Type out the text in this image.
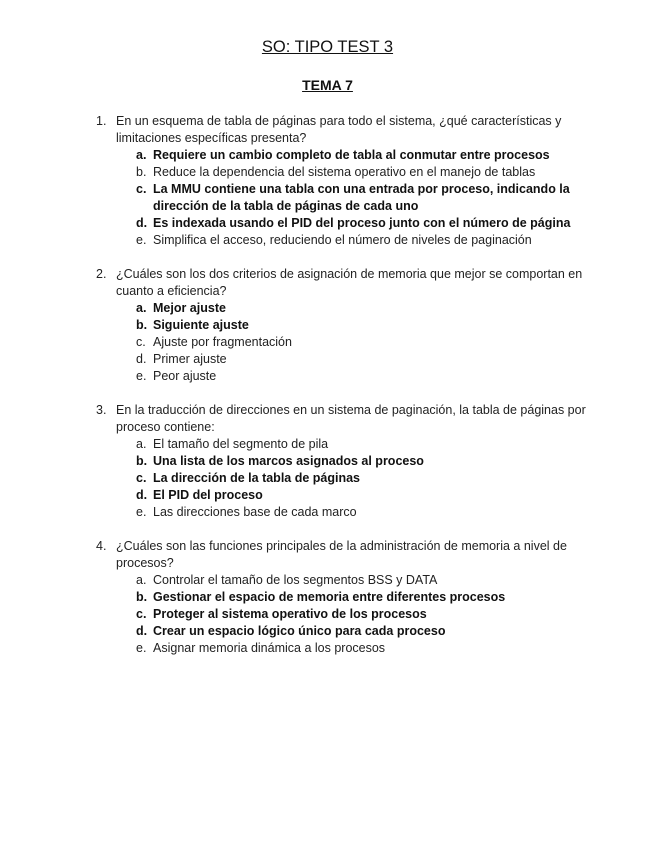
SO: TIPO TEST 3
TEMA 7
1. En un esquema de tabla de páginas para todo el sistema, ¿qué características y limitaciones específicas presenta?
a. Requiere un cambio completo de tabla al conmutar entre procesos
b. Reduce la dependencia del sistema operativo en el manejo de tablas
c. La MMU contiene una tabla con una entrada por proceso, indicando la dirección de la tabla de páginas de cada uno
d. Es indexada usando el PID del proceso junto con el número de página
e. Simplifica el acceso, reduciendo el número de niveles de paginación
2. ¿Cuáles son los dos criterios de asignación de memoria que mejor se comportan en cuanto a eficiencia?
a. Mejor ajuste
b. Siguiente ajuste
c. Ajuste por fragmentación
d. Primer ajuste
e. Peor ajuste
3. En la traducción de direcciones en un sistema de paginación, la tabla de páginas por proceso contiene:
a. El tamaño del segmento de pila
b. Una lista de los marcos asignados al proceso
c. La dirección de la tabla de páginas
d. El PID del proceso
e. Las direcciones base de cada marco
4. ¿Cuáles son las funciones principales de la administración de memoria a nivel de procesos?
a. Controlar el tamaño de los segmentos BSS y DATA
b. Gestionar el espacio de memoria entre diferentes procesos
c. Proteger al sistema operativo de los procesos
d. Crear un espacio lógico único para cada proceso
e. Asignar memoria dinámica a los procesos
